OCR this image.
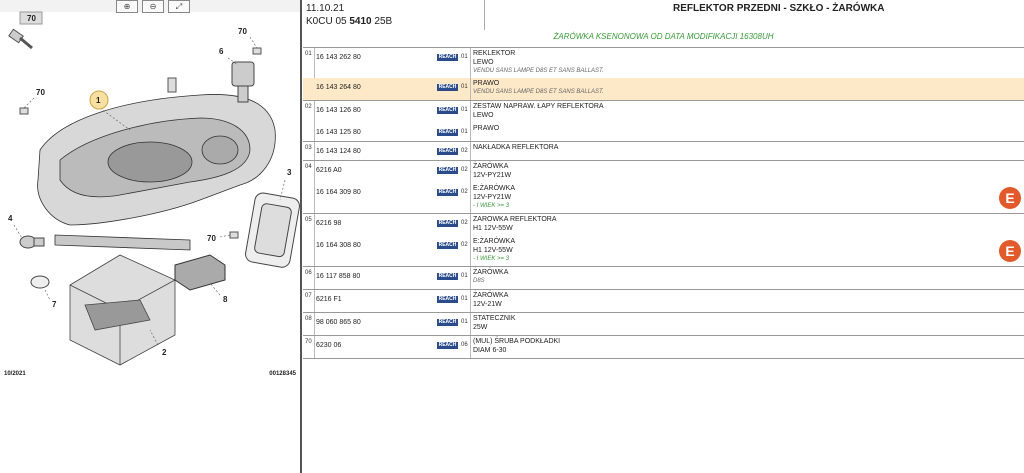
⊕	⊖	⤢
70
70
70
70
6
1
3
4
7
8
2
10/2021	00128345
11.10.21
K0CU 05 5410 25B
REFLEKTOR PRZEDNI - SZKŁO - ŻARÓWKA
ŻARÓWKA KSENONOWA OD DATA MODIFIKACJI 16308UH
01 16 143 262 80	REACH 01 REKLEKTOR
LEWO
VENDU SANS LAMPE D8S ET SANS BALLAST.
16 143 264 80	REACH 01 PRAWO
VENDU SANS LAMPE D8S ET SANS BALLAST.
02 16 143 126 80	REACH 01 ZESTAW NAPRAW. ŁAPY REFLEKTORA
LEWO
16 143 125 80	REACH 01 PRAWO
03 16 143 124 80	REACH 02 NAKŁADKA REFLEKTORA
04 6216 A0	REACH 02 ŻARÓWKA
12V-PY21W
16 164 309 80	REACH 02 E:ŻARÓWKA
12V-PY21W
- I WIEK >= 3	E
05 6216 98	REACH 02 ZAROWKA REFLEKTORA
H1 12V-55W
16 164 308 80	REACH 02 E:ŻARÓWKA
H1 12V-55W
- I WIEK >= 3	E
06 16 117 858 80	REACH 01 ŻARÓWKA
D8S
07 6216 F1	REACH 01 ŻARÓWKA
12V-21W
08 98 060 865 80	REACH 01 STATECZNIK
25W
70 6230 06	REACH 06 (MUL) ŚRUBA PODKŁADKI
DIAM 6-30
